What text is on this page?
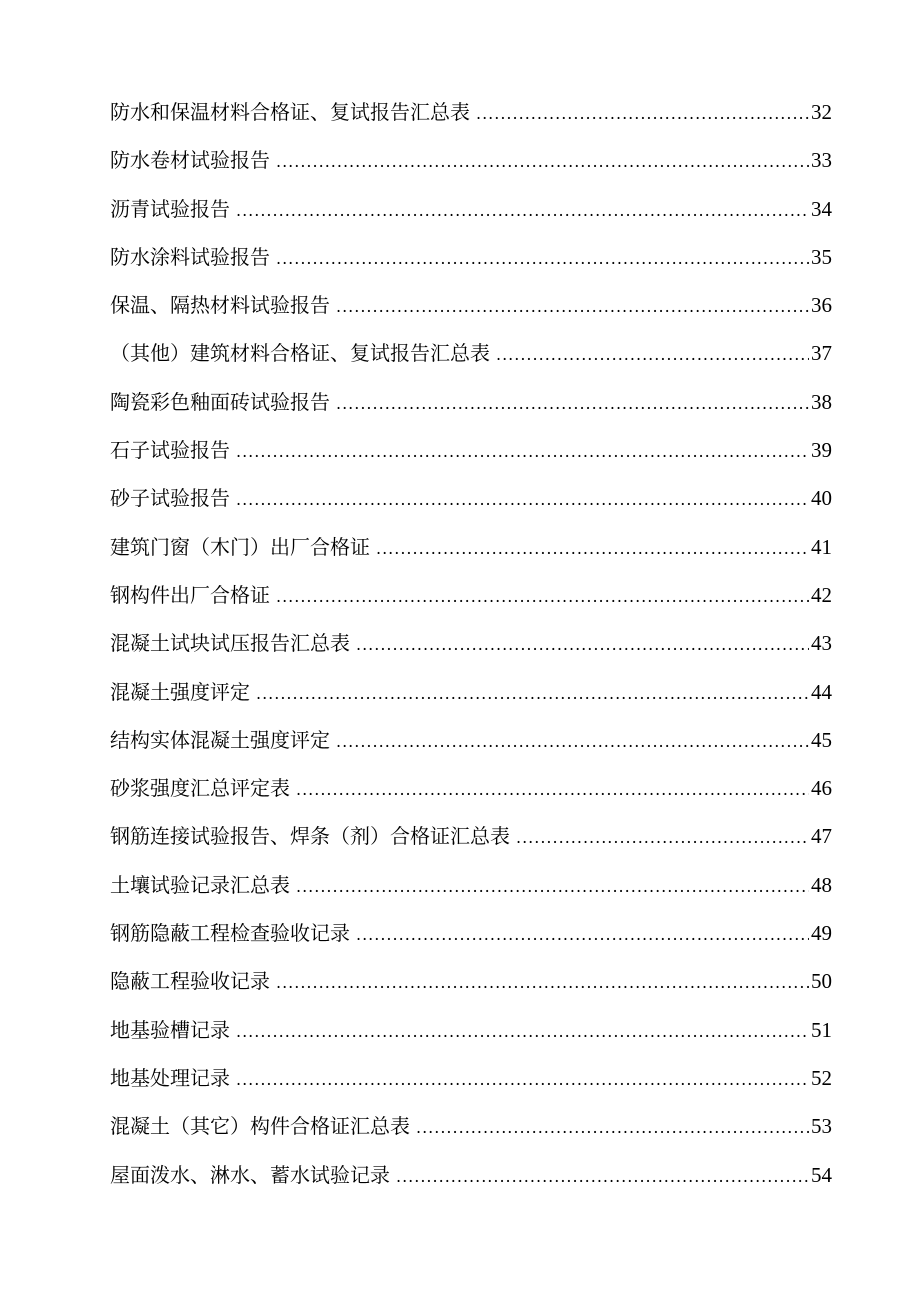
防水和保温材料合格证、复试报告汇总表 .....	32
防水卷材试验报告 .....	33
沥青试验报告 .....	34
防水涂料试验报告 .....	35
保温、隔热材料试验报告 .....	36
（其他）建筑材料合格证、复试报告汇总表 .....	37
陶瓷彩色釉面砖试验报告 .....	38
石子试验报告 .....	39
砂子试验报告 .....	40
建筑门窗（木门）出厂合格证 .....	41
钢构件出厂合格证 .....	42
混凝土试块试压报告汇总表 .....	43
混凝土强度评定 .....	44
结构实体混凝土强度评定 .....	45
砂浆强度汇总评定表 .....	46
钢筋连接试验报告、焊条（剂）合格证汇总表 .....	47
土壤试验记录汇总表 .....	48
钢筋隐蔽工程检查验收记录 .....	49
隐蔽工程验收记录 .....	50
地基验槽记录 .....	51
地基处理记录 .....	52
混凝土（其它）构件合格证汇总表 .....	53
屋面泼水、淋水、蓄水试验记录 .....	54
